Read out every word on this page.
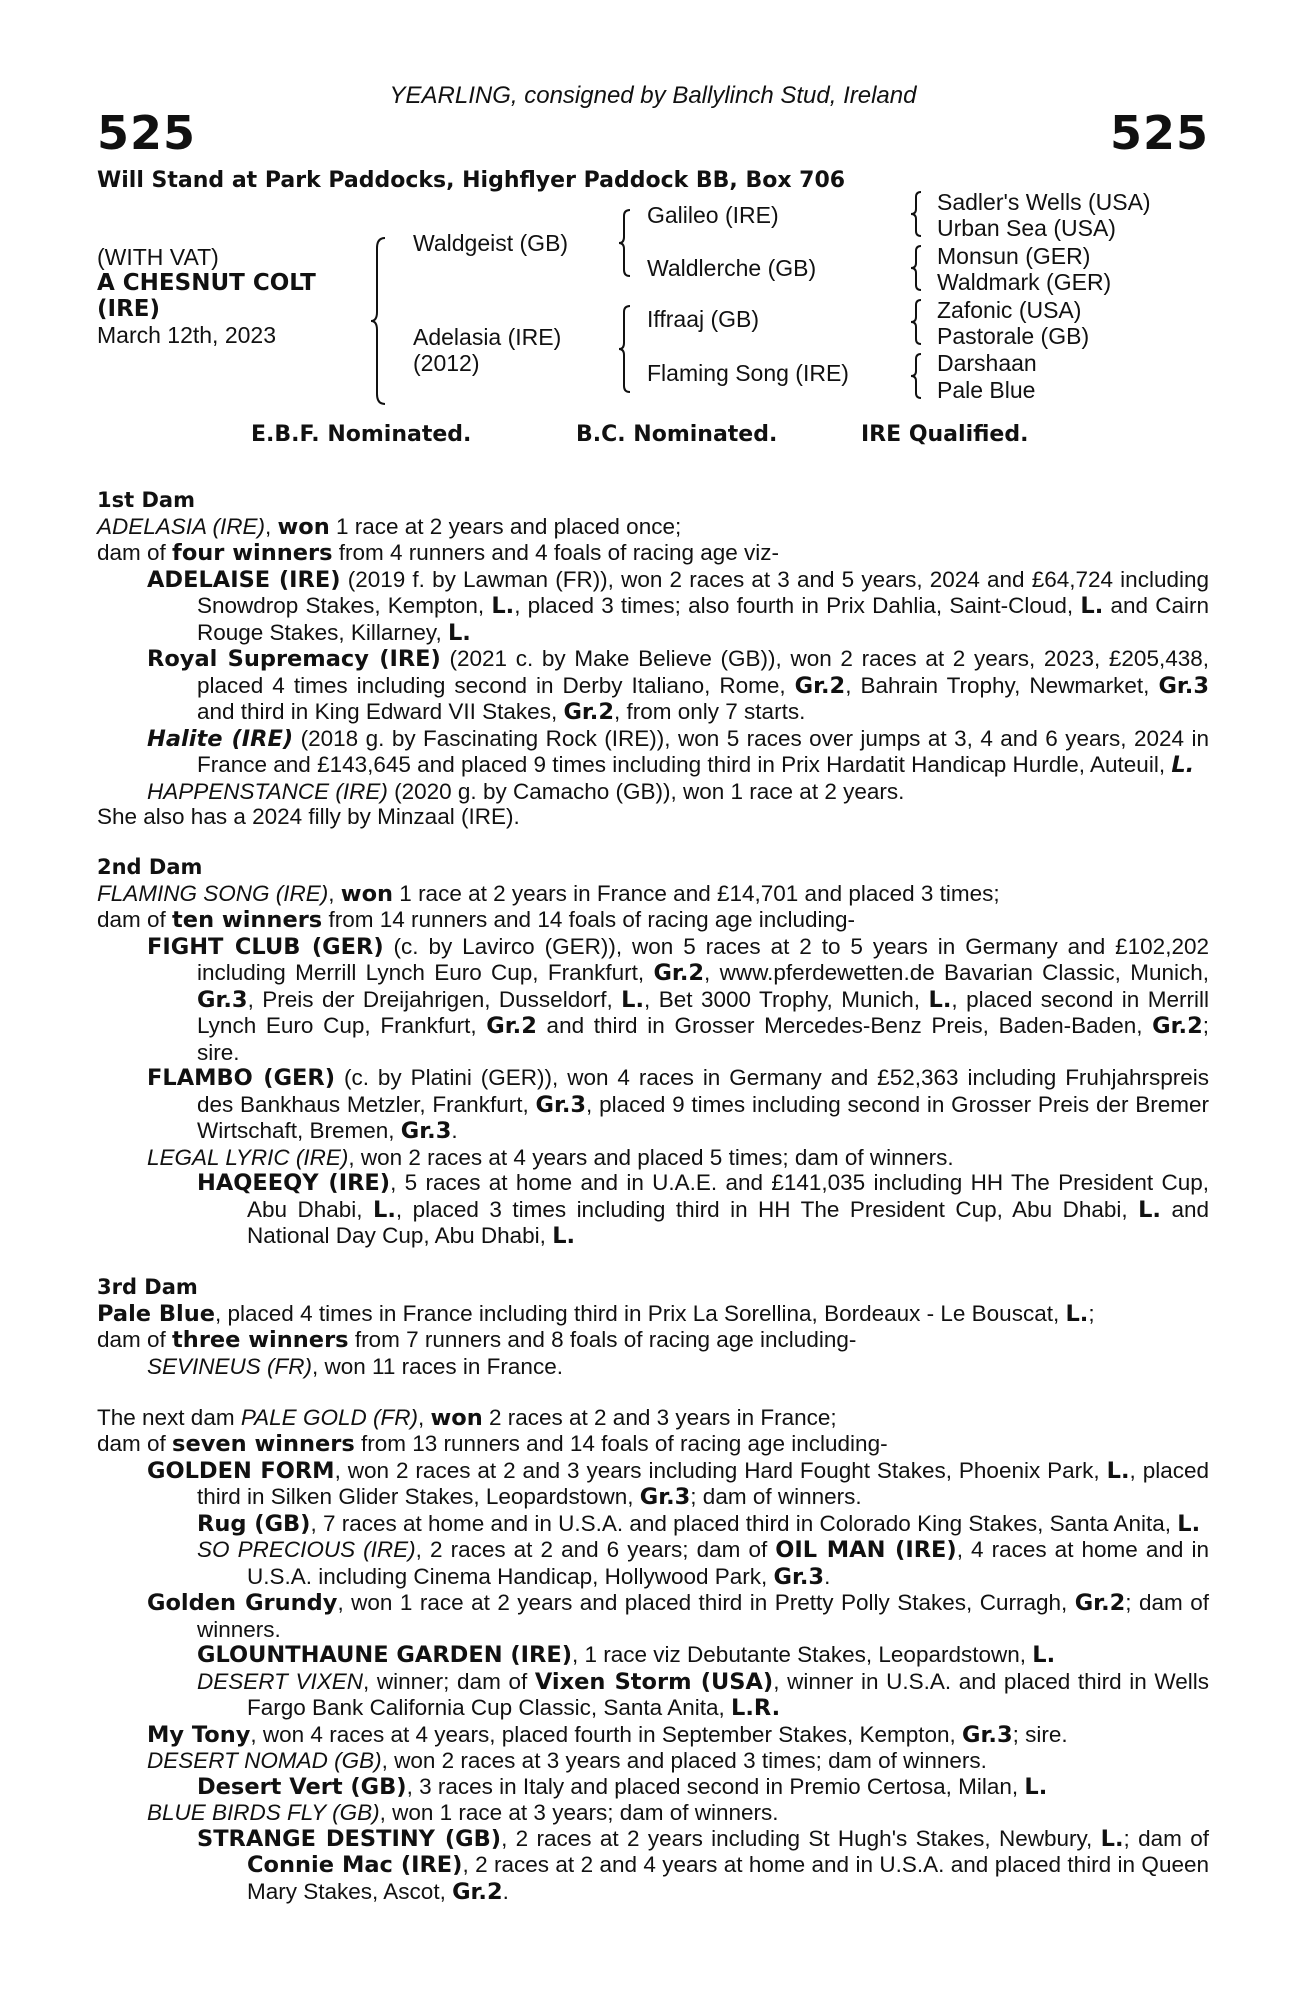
YEARLING, consigned by Ballylinch Stud, Ireland
525	525
Will Stand at Park Paddocks, Highflyer Paddock BB, Box 706
(WITH VAT)
A CHESNUT COLT
(IRE)
March 12th, 2023
Waldgeist (GB)
Adelasia (IRE)
(2012)
Galileo (IRE)
Waldlerche (GB)
Iffraaj (GB)
Flaming Song (IRE)
Sadler's Wells (USA)
Urban Sea (USA)
Monsun (GER)
Waldmark (GER)
Zafonic (USA)
Pastorale (GB)
Darshaan
Pale Blue
E.B.F. Nominated.	B.C. Nominated.	IRE Qualified.
1st Dam
ADELASIA (IRE), won 1 race at 2 years and placed once;
dam of four winners from 4 runners and 4 foals of racing age viz-
ADELAISE (IRE) (2019 f. by Lawman (FR)), won 2 races at 3 and 5 years, 2024 and £64,724 including Snowdrop Stakes, Kempton, L., placed 3 times; also fourth in Prix Dahlia, Saint-Cloud, L. and Cairn Rouge Stakes, Killarney, L.
Royal Supremacy (IRE) (2021 c. by Make Believe (GB)), won 2 races at 2 years, 2023, £205,438, placed 4 times including second in Derby Italiano, Rome, Gr.2, Bahrain Trophy, Newmarket, Gr.3 and third in King Edward VII Stakes, Gr.2, from only 7 starts.
Halite (IRE) (2018 g. by Fascinating Rock (IRE)), won 5 races over jumps at 3, 4 and 6 years, 2024 in France and £143,645 and placed 9 times including third in Prix Hardatit Handicap Hurdle, Auteuil, L.
HAPPENSTANCE (IRE) (2020 g. by Camacho (GB)), won 1 race at 2 years.
She also has a 2024 filly by Minzaal (IRE).
2nd Dam
FLAMING SONG (IRE), won 1 race at 2 years in France and £14,701 and placed 3 times;
dam of ten winners from 14 runners and 14 foals of racing age including-
FIGHT CLUB (GER) (c. by Lavirco (GER)), won 5 races at 2 to 5 years in Germany and £102,202 including Merrill Lynch Euro Cup, Frankfurt, Gr.2, www.pferdewetten.de Bavarian Classic, Munich, Gr.3, Preis der Dreijahrigen, Dusseldorf, L., Bet 3000 Trophy, Munich, L., placed second in Merrill Lynch Euro Cup, Frankfurt, Gr.2 and third in Grosser Mercedes-Benz Preis, Baden-Baden, Gr.2; sire.
FLAMBO (GER) (c. by Platini (GER)), won 4 races in Germany and £52,363 including Fruhjahrspreis des Bankhaus Metzler, Frankfurt, Gr.3, placed 9 times including second in Grosser Preis der Bremer Wirtschaft, Bremen, Gr.3.
LEGAL LYRIC (IRE), won 2 races at 4 years and placed 5 times; dam of winners.
HAQEEQY (IRE), 5 races at home and in U.A.E. and £141,035 including HH The President Cup, Abu Dhabi, L., placed 3 times including third in HH The President Cup, Abu Dhabi, L. and National Day Cup, Abu Dhabi, L.
3rd Dam
Pale Blue, placed 4 times in France including third in Prix La Sorellina, Bordeaux - Le Bouscat, L.;
dam of three winners from 7 runners and 8 foals of racing age including-
SEVINEUS (FR), won 11 races in France.
The next dam PALE GOLD (FR), won 2 races at 2 and 3 years in France;
dam of seven winners from 13 runners and 14 foals of racing age including-
GOLDEN FORM, won 2 races at 2 and 3 years including Hard Fought Stakes, Phoenix Park, L., placed third in Silken Glider Stakes, Leopardstown, Gr.3; dam of winners.
Rug (GB), 7 races at home and in U.S.A. and placed third in Colorado King Stakes, Santa Anita, L.
SO PRECIOUS (IRE), 2 races at 2 and 6 years; dam of OIL MAN (IRE), 4 races at home and in U.S.A. including Cinema Handicap, Hollywood Park, Gr.3.
Golden Grundy, won 1 race at 2 years and placed third in Pretty Polly Stakes, Curragh, Gr.2; dam of winners.
GLOUNTHAUNE GARDEN (IRE), 1 race viz Debutante Stakes, Leopardstown, L.
DESERT VIXEN, winner; dam of Vixen Storm (USA), winner in U.S.A. and placed third in Wells Fargo Bank California Cup Classic, Santa Anita, L.R.
My Tony, won 4 races at 4 years, placed fourth in September Stakes, Kempton, Gr.3; sire.
DESERT NOMAD (GB), won 2 races at 3 years and placed 3 times; dam of winners.
Desert Vert (GB), 3 races in Italy and placed second in Premio Certosa, Milan, L.
BLUE BIRDS FLY (GB), won 1 race at 3 years; dam of winners.
STRANGE DESTINY (GB), 2 races at 2 years including St Hugh's Stakes, Newbury, L.; dam of Connie Mac (IRE), 2 races at 2 and 4 years at home and in U.S.A. and placed third in Queen Mary Stakes, Ascot, Gr.2.
